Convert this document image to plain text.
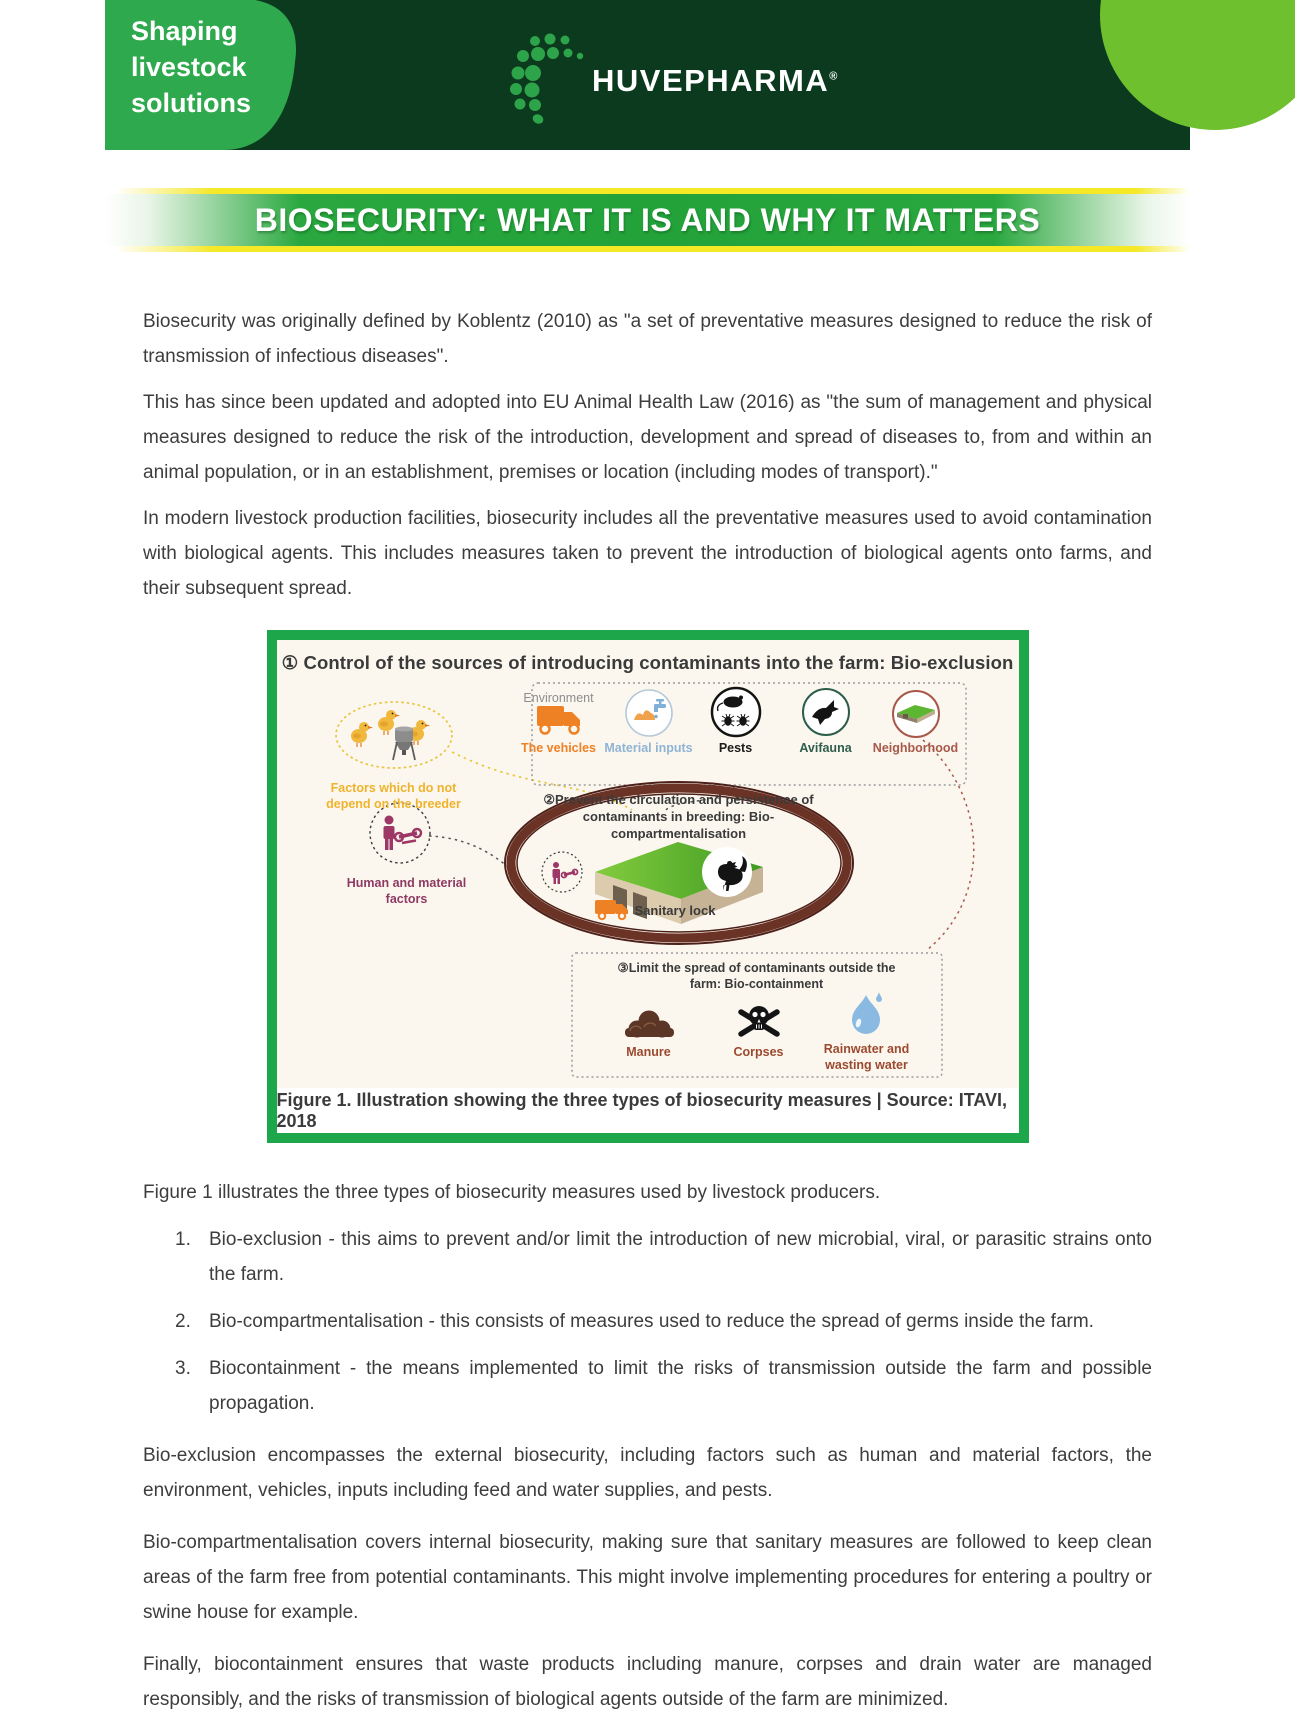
Shaping livestock solutions
HUVEPHARMA®
BIOSECURITY: WHAT IT IS AND WHY IT MATTERS

Biosecurity was originally defined by Koblentz (2010) as "a set of preventative measures designed to reduce the risk of transmission of infectious diseases".

This has since been updated and adopted into EU Animal Health Law (2016) as "the sum of management and physical measures designed to reduce the risk of the introduction, development and spread of diseases to, from and within an animal population, or in an establishment, premises or location (including modes of transport)."

In modern livestock production facilities, biosecurity includes all the preventative measures used to avoid contamination with biological agents. This includes measures taken to prevent the introduction of biological agents onto farms, and their subsequent spread.

① Control of the sources of introducing contaminants into the farm: Bio-exclusion
Environment
The vehicles Material inputs	Pests	Avifauna	Neighborhood
Factors which do not depend on the breeder
Human and material factors
②Prevent the circulation and persistence of contaminants in breeding: Bio-compartmentalisation
Sanitary lock
③Limit the spread of contaminants outside the farm: Bio-containment
Manure	Corpses	Rainwater and wasting water
Figure 1. Illustration showing the three types of biosecurity measures | Source: ITAVI, 2018

Figure 1 illustrates the three types of biosecurity measures used by livestock producers.

1. Bio-exclusion - this aims to prevent and/or limit the introduction of new microbial, viral, or parasitic strains onto the farm.
2. Bio-compartmentalisation - this consists of measures used to reduce the spread of germs inside the farm.
3. Biocontainment - the means implemented to limit the risks of transmission outside the farm and possible propagation.

Bio-exclusion encompasses the external biosecurity, including factors such as human and material factors, the environment, vehicles, inputs including feed and water supplies, and pests.

Bio-compartmentalisation covers internal biosecurity, making sure that sanitary measures are followed to keep clean areas of the farm free from potential contaminants. This might involve implementing procedures for entering a poultry or swine house for example.

Finally, biocontainment ensures that waste products including manure, corpses and drain water are managed responsibly, and the risks of transmission of biological agents outside of the farm are minimized.
